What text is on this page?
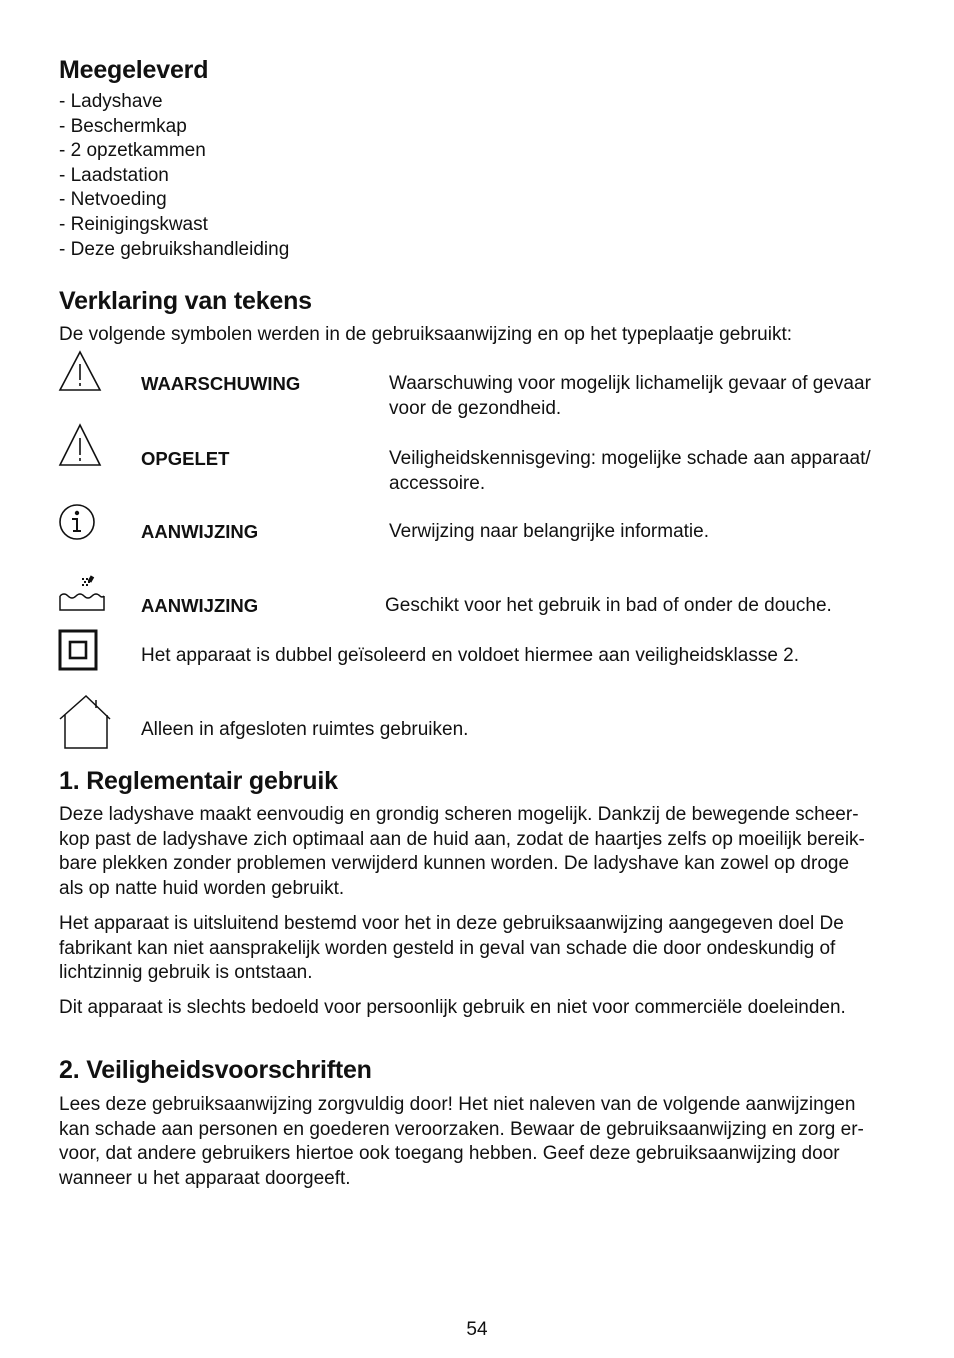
Meegeleverd
- Ladyshave
- Beschermkap
- 2 opzetkammen
- Laadstation
- Netvoeding
- Reinigingskwast
- Deze gebruikshandleiding
Verklaring van tekens
De volgende symbolen werden in de gebruiksaanwijzing en op het typeplaatje gebruikt:
WAARSCHUWING	Waarschuwing voor mogelijk lichamelijk gevaar of gevaar
voor de gezondheid.
OPGELET	Veiligheidskennisgeving: mogelijke schade aan apparaat/
accessoire.
AANWIJZING	Verwijzing naar belangrijke informatie.
AANWIJZING	Geschikt voor het gebruik in bad of onder de douche.
Het apparaat is dubbel geïsoleerd en voldoet hiermee aan veiligheidsklasse 2.
Alleen in afgesloten ruimtes gebruiken.
1. Reglementair gebruik
Deze ladyshave maakt eenvoudig en grondig scheren mogelijk. Dankzij de bewegende scheer-
kop past de ladyshave zich optimaal aan de huid aan, zodat de haartjes zelfs op moeilijk bereik-
bare plekken zonder problemen verwijderd kunnen worden. De ladyshave kan zowel op droge
als op natte huid worden gebruikt.
Het apparaat is uitsluitend bestemd voor het in deze gebruiksaanwijzing aangegeven doel De
fabrikant kan niet aansprakelijk worden gesteld in geval van schade die door ondeskundig of
lichtzinnig gebruik is ontstaan.
Dit apparaat is slechts bedoeld voor persoonlijk gebruik en niet voor commerciële doeleinden.
2. Veiligheidsvoorschriften
Lees deze gebruiksaanwijzing zorgvuldig door! Het niet naleven van de volgende aanwijzingen
kan schade aan personen en goederen veroorzaken. Bewaar de gebruiksaanwijzing en zorg er-
voor, dat andere gebruikers hiertoe ook toegang hebben. Geef deze gebruiksaanwijzing door
wanneer u het apparaat doorgeeft.
54
